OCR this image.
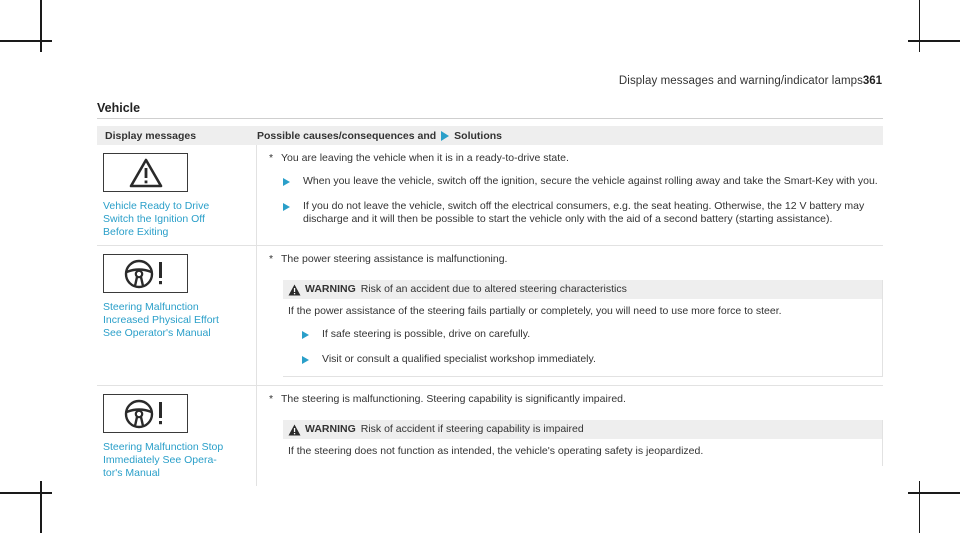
Display messages and warning/indicator lamps 361
Vehicle
Display messages	Possible causes/consequences and Solutions
Vehicle Ready to Drive
Switch the Ignition Off
Before Exiting
* You are leaving the vehicle when it is in a ready-to-drive state.
When you leave the vehicle, switch off the ignition, secure the vehicle against rolling away and take the Smart-Key with you.
If you do not leave the vehicle, switch off the electrical consumers, e.g. the seat heating. Otherwise, the 12 V battery may discharge and it will then be possible to start the vehicle only with the aid of a second battery (starting assistance).
Steering Malfunction
Increased Physical Effort
See Operator's Manual
* The power steering assistance is malfunctioning.
WARNING Risk of an accident due to altered steering characteristics
If the power assistance of the steering fails partially or completely, you will need to use more force to steer.
If safe steering is possible, drive on carefully.
Visit or consult a qualified specialist workshop immediately.
Steering Malfunction Stop
Immediately See Opera-
tor's Manual
* The steering is malfunctioning. Steering capability is significantly impaired.
WARNING Risk of accident if steering capability is impaired
If the steering does not function as intended, the vehicle's operating safety is jeopardized.
